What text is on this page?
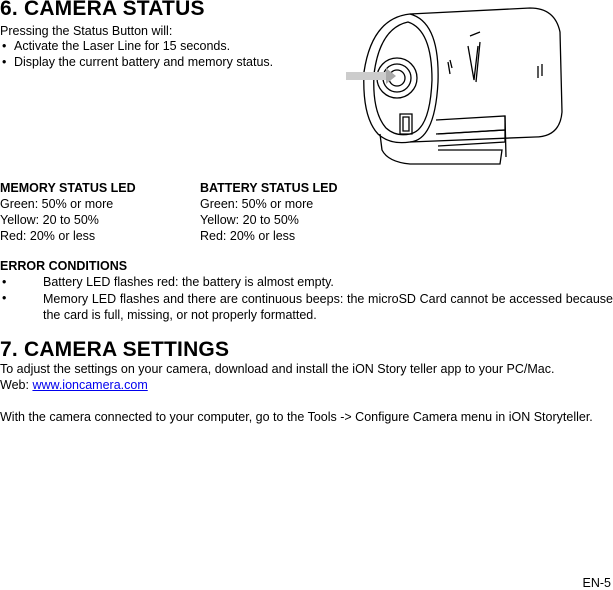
6. CAMERA STATUS
Pressing the Status Button will:
• Activate the Laser Line for 15 seconds.
• Display the current battery and memory status.
MEMORY STATUS LED
Green: 50% or more
Yellow: 20 to 50%
Red: 20% or less
BATTERY STATUS LED
Green: 50% or more
Yellow: 20 to 50%
Red: 20% or less
ERROR CONDITIONS
•	Battery LED flashes red: the battery is almost empty.
•	Memory LED flashes and there are continuous beeps: the microSD Card cannot be accessed because the card is full, missing, or not properly formatted.
7. CAMERA SETTINGS
To adjust the settings on your camera, download and install the iON Story teller app to your PC/Mac.
Web: www.ioncamera.com
With the camera connected to your computer, go to the Tools -> Configure Camera menu in iON Storyteller.
EN-5
